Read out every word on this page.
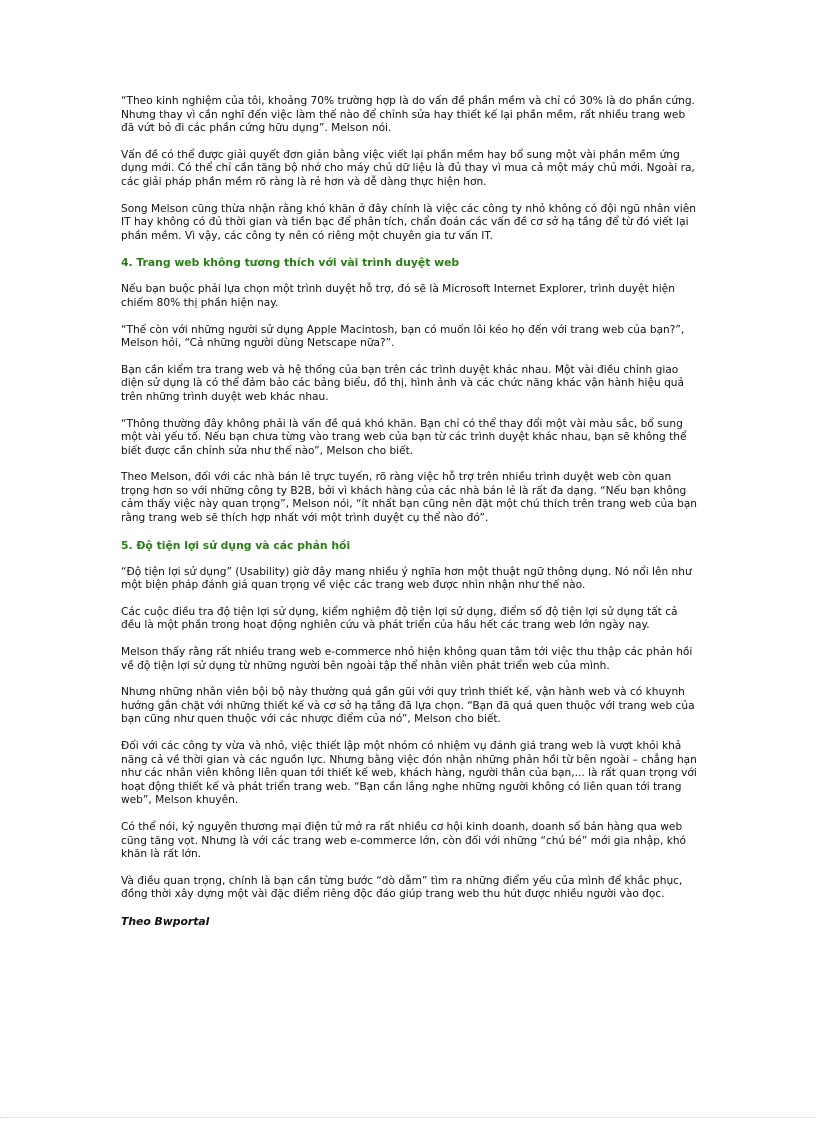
“Theo kinh nghiệm của tôi, khoảng 70% trường hợp là do vấn đề phần mềm và chỉ có 30% là do phần cứng. Nhưng thay vì cần nghĩ đến việc làm thế nào để chỉnh sửa hay thiết kế lại phần mềm, rất nhiều trang web đã vứt bỏ đi các phần cứng hữu dụng”. Melson nói.

Vấn đề có thể được giải quyết đơn giản bằng việc viết lại phần mềm hay bổ sung một vài phần mềm ứng dụng mới. Có thể chỉ cần tăng bộ nhớ cho máy chủ dữ liệu là đủ thay vì mua cả một máy chủ mới. Ngoài ra, các giải pháp phần mềm rõ ràng là rẻ hơn và dễ dàng thực hiện hơn.

Song Melson cũng thừa nhận rằng khó khăn ở đây chính là việc các công ty nhỏ không có đội ngũ nhân viên IT hay không có đủ thời gian và tiền bạc để phân tích, chẩn đoán các vấn đề cơ sở hạ tầng để từ đó viết lại phần mềm. Vì vậy, các công ty nên có riêng một chuyên gia tư vấn IT.

4. Trang web không tương thích với vài trình duyệt web

Nếu bạn buộc phải lựa chọn một trình duyệt hỗ trợ, đó sẽ là Microsoft Internet Explorer, trình duyệt hiện chiếm 80% thị phần hiện nay.

“Thế còn với những người sử dụng Apple Macintosh, bạn có muốn lôi kéo họ đến với trang web của bạn?”, Melson hỏi, “Cả những người dùng Netscape nữa?”.

Bạn cần kiểm tra trang web và hệ thống của bạn trên các trình duyệt khác nhau. Một vài điều chỉnh giao diện sử dụng là có thể đảm bảo các bảng biểu, đồ thị, hình ảnh và các chức năng khác vận hành hiệu quả trên những trình duyệt web khác nhau.

“Thông thường đây không phải là vấn đề quá khó khăn. Bạn chỉ có thể thay đổi một vài màu sắc, bổ sung một vài yếu tố. Nếu bạn chưa từng vào trang web của bạn từ các trình duyệt khác nhau, bạn sẽ không thể biết được cần chỉnh sửa như thế nào”, Melson cho biết.

Theo Melson, đối với các nhà bán lẻ trực tuyến, rõ ràng việc hỗ trợ trên nhiều trình duyệt web còn quan trọng hơn so với những công ty B2B, bởi vì khách hàng của các nhà bán lẻ là rất đa dạng. “Nếu bạn không cảm thấy việc này quan trọng”, Melson nói, “ít nhất bạn cũng nên đặt một chú thích trên trang web của bạn rằng trang web sẽ thích hợp nhất với một trình duyệt cụ thể nào đó”.

5. Độ tiện lợi sử dụng và các phản hồi

“Độ tiện lợi sử dụng” (Usability) giờ đây mang nhiều ý nghĩa hơn một thuật ngữ thông dụng. Nó nổi lên như một biện pháp đánh giá quan trọng về việc các trang web được nhìn nhận như thế nào.

Các cuộc điều tra độ tiện lợi sử dụng, kiểm nghiệm độ tiện lợi sử dụng, điểm số độ tiện lợi sử dụng tất cả đều là một phần trong hoạt động nghiên cứu và phát triển của hầu hết các trang web lớn ngày nay.

Melson thấy rằng rất nhiều trang web e-commerce nhỏ hiện không quan tâm tới việc thu thập các phản hồi về độ tiện lợi sử dụng từ những người bên ngoài tập thể nhân viên phát triển web của mình.

Nhưng những nhân viên bội bộ này thường quá gần gũi với quy trình thiết kế, vận hành web và có khuynh hướng gắn chặt với những thiết kế và cơ sở hạ tầng đã lựa chọn. “Bạn đã quá quen thuộc với trang web của bạn cũng như quen thuộc với các nhược điểm của nó”, Melson cho biết.

Đối với các công ty vừa và nhỏ, việc thiết lập một nhóm có nhiệm vụ đánh giá trang web là vượt khỏi khả năng cả về thời gian và các nguồn lực. Nhưng bằng việc đón nhận những phản hồi từ bên ngoài – chẳng hạn như các nhân viên không liên quan tới thiết kế web, khách hàng, người thân của bạn,... là rất quan trọng với hoạt động thiết kế và phát triển trang web. “Bạn cần lắng nghe những người không có liên quan tới trang web”, Melson khuyên.

Có thể nói, kỷ nguyên thương mại điện tử mở ra rất nhiều cơ hội kinh doanh, doanh số bán hàng qua web cũng tăng vọt. Nhưng là với các trang web e-commerce lớn, còn đối với những “chú bé” mới gia nhập, khó khăn là rất lớn.

Và điều quan trọng, chính là bạn cần từng bước “dò dẫm” tìm ra những điểm yếu của mình để khắc phục, đồng thời xây dựng một vài đặc điểm riêng độc đáo giúp trang web thu hút được nhiều người vào đọc.

Theo Bwportal
